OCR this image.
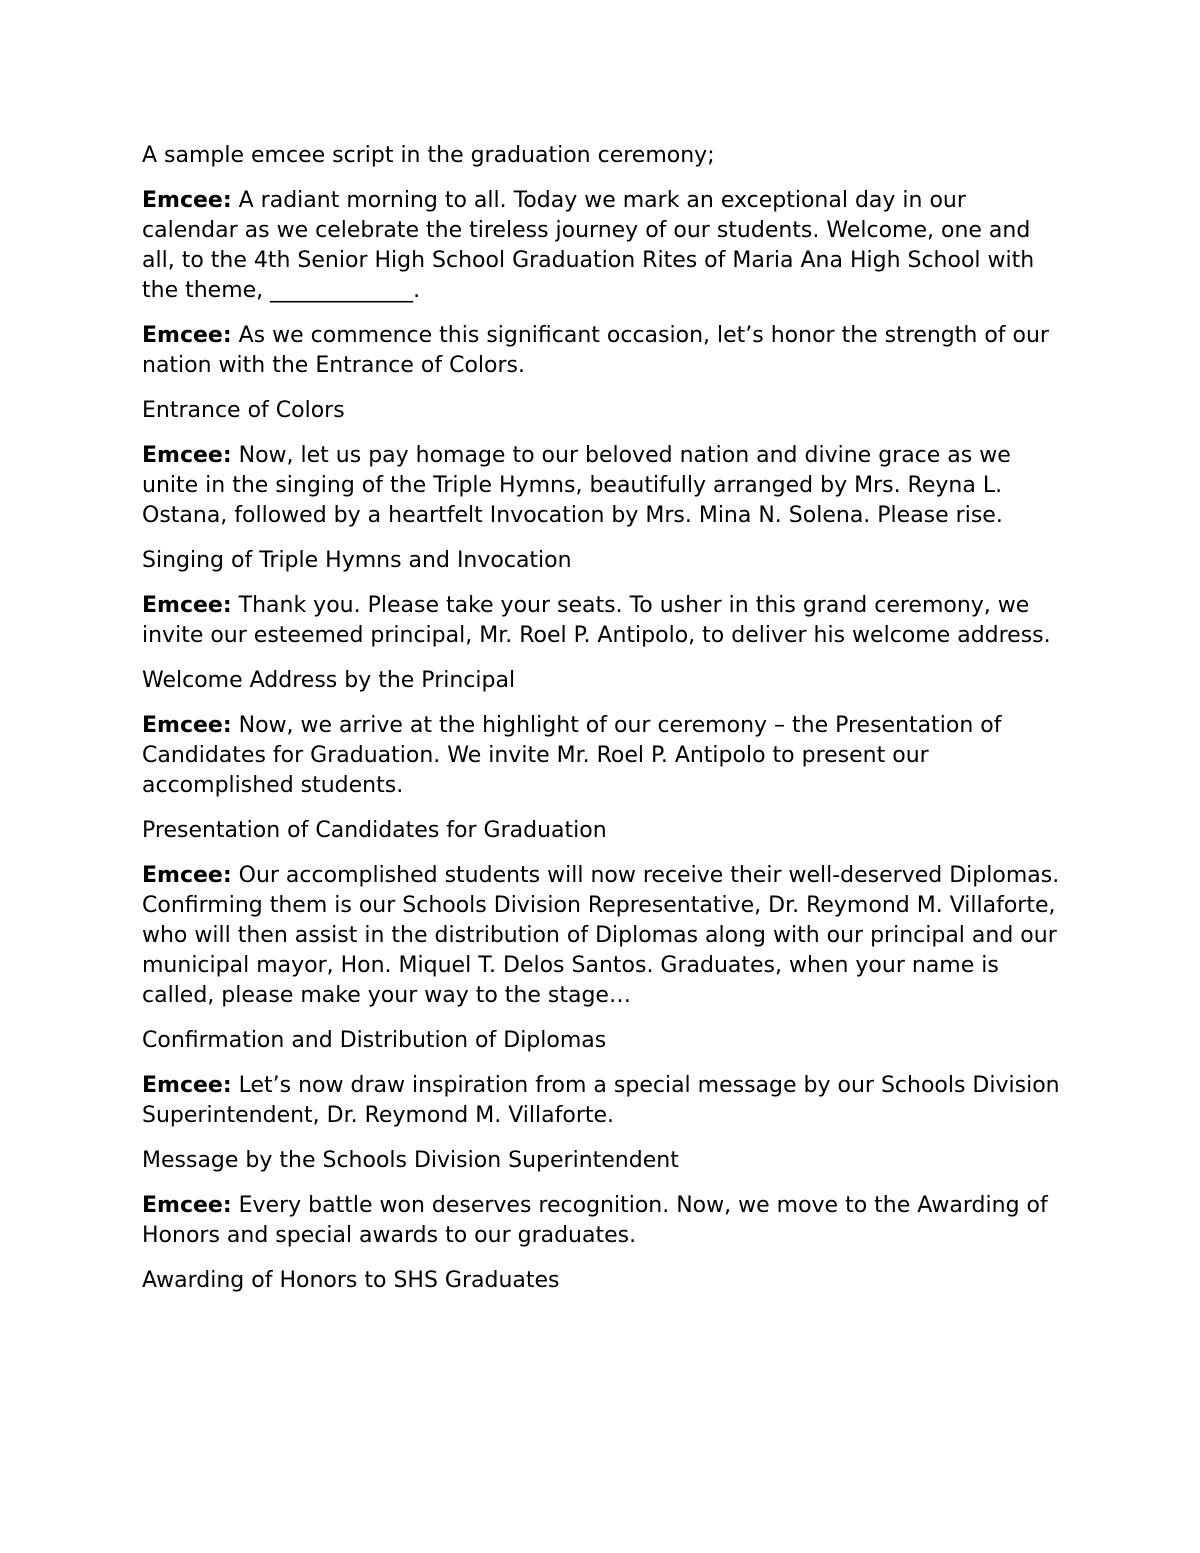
A sample emcee script in the graduation ceremony;

Emcee: A radiant morning to all. Today we mark an exceptional day in our calendar as we celebrate the tireless journey of our students. Welcome, one and all, to the 4th Senior High School Graduation Rites of Maria Ana High School with the theme, _____________.

Emcee: As we commence this significant occasion, let’s honor the strength of our nation with the Entrance of Colors.

Entrance of Colors

Emcee: Now, let us pay homage to our beloved nation and divine grace as we unite in the singing of the Triple Hymns, beautifully arranged by Mrs. Reyna L. Ostana, followed by a heartfelt Invocation by Mrs. Mina N. Solena. Please rise.

Singing of Triple Hymns and Invocation

Emcee: Thank you. Please take your seats. To usher in this grand ceremony, we invite our esteemed principal, Mr. Roel P. Antipolo, to deliver his welcome address.

Welcome Address by the Principal

Emcee: Now, we arrive at the highlight of our ceremony – the Presentation of Candidates for Graduation. We invite Mr. Roel P. Antipolo to present our accomplished students.

Presentation of Candidates for Graduation

Emcee: Our accomplished students will now receive their well-deserved Diplomas. Confirming them is our Schools Division Representative, Dr. Reymond M. Villaforte, who will then assist in the distribution of Diplomas along with our principal and our municipal mayor, Hon. Miquel T. Delos Santos. Graduates, when your name is called, please make your way to the stage…

Confirmation and Distribution of Diplomas

Emcee: Let’s now draw inspiration from a special message by our Schools Division Superintendent, Dr. Reymond M. Villaforte.

Message by the Schools Division Superintendent

Emcee: Every battle won deserves recognition. Now, we move to the Awarding of Honors and special awards to our graduates.

Awarding of Honors to SHS Graduates
